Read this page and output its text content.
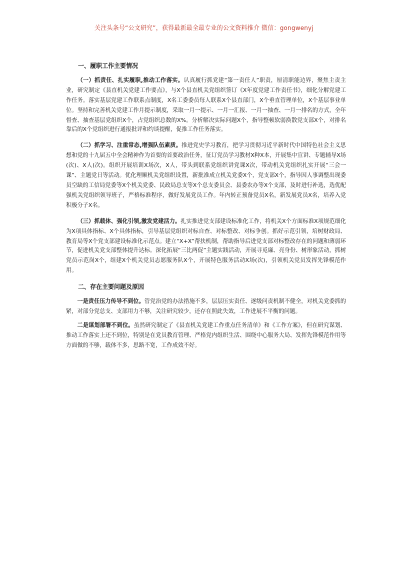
关注头条号“公文研究”，获得最新最全最专业的公文资料推介 微信：gongwenyj

一、履职工作主要情况

（一）抓责任、扎实履职,推动工作落实。认真履行抓党建“第一责任人”职责，厘清职能边界，聚焦主责主业，研究制定《县直机关党建工作要点》，与X个县直机关党组织签订《X年度党建工作责任书》，细化分解党建工作任务。落实基层党建工作联系点制度，X名工委委员每人联系X个县直部门，X个垂直管理单位，X个基层事业单位。坚持和完善机关党建工作月提示制度，采取一月一提示、一月一汇报、一月一抽查、一月一排名的方式，全年督查、抽查基层党组织X个，占党组织总数的X%。分析解决实际问题X个，指导整顿软弱涣散党支部X个，对排名靠后的X个党组织进行通报批评和约谈提醒，促推工作任务落实。

（二）抓学习、注重常态,增强队伍素质。推进党史学习教育，把学习贯彻习近平新时代中国特色社会主义思想和党的十九届五中全会精神作为首要的首要政治任务，征订党员学习教材X种X本，开展集中宣讲、专题辅导X场(次)、X人(次)。组织开展培训X场次，X人，带头到联系党组织讲党课X次，带动机关党组织扎实开展“三会一课”、主题党日等活动。优化理顺机关党组织设置，新批准成立机关党委X个，党支部X个，指导因人事调整出现委员空缺的工信局党委等X个机关党委、民政局总支等X个总支委员会、县委农办等X个支部，及时进行补选，选优配强机关党组织领导班子，严格标准程序，做好发展党员工作。年内转正预备党员X名，新发展党员X名，培养入党积极分子X名。

（三）抓载体、强化引领,激发党建活力。扎实推进党支部建设标准化工作，将机关X个方面标准X项规范细化为X项具体指标、X个具体指标，引导基层党组织对标自查、对标整改、对标争创。抓好示范引领，培树财政局、教育局等X个党支部建设标准化示范点。建立“X+X”帮扶机制，帮助指导后进党支部对标整改存在的问题和薄弱环节，促进机关党支部整体提升达标。深化拓展“三比两促”主题实践活动，开展寻觅廉、亮身份、树形象活动，抓树党员示范岗X个，组建X个机关党员志愿服务队X个，开展特色服务活动X场(次)，引领机关党员发挥先锋模范作用。

二、存在主要问题及原因

一是责任压力传导不到位。管党治党的办法措施不多，层层压实责任、逐级问责机制不健全，对机关党委抓的紧，对部分党总支、支部用力不够，关注研究较少，还存在照此失效，工作进展不平衡的问题。

二是谋划部署不到位。虽然研究制定了《县直机关党建工作重点任务清单》和《工作方案》，但在研究谋划、推动工作落实上还不到位，特别是在党员教育管理、严格党内组织生活、围绕中心服务大局、发挥先锋模范作用等方面做的不够，载体不多，思路不宽，工作成效不好。
